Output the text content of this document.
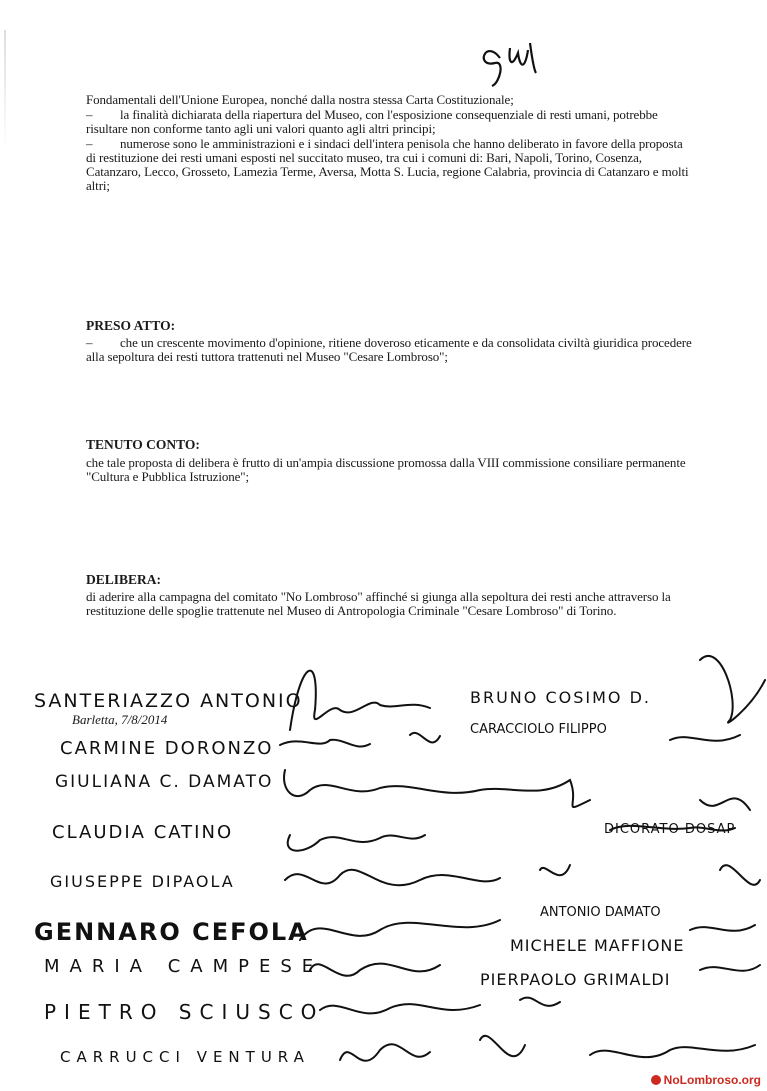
gM

Fondamentali dell'Unione Europea, nonché dalla nostra stessa Carta Costituzionale;

– la finalità dichiarata della riapertura del Museo, con l'esposizione consequenziale di resti umani, potrebbe risultare non conforme tanto agli uni valori quanto agli altri principi;

– numerose sono le amministrazioni e i sindaci dell'intera penisola che hanno deliberato in favore della proposta di restituzione dei resti umani esposti nel succitato museo, tra cui i comuni di: Bari, Napoli, Torino, Cosenza, Catanzaro, Lecco, Grosseto, Lamezia Terme, Aversa, Motta S. Lucia, regione Calabria, provincia di Catanzaro e molti altri;

PRESO ATTO:

– che un crescente movimento d'opinione, ritiene doveroso eticamente e da consolidata civiltà giuridica procedere alla sepoltura dei resti tuttora trattenuti nel Museo "Cesare Lombroso";

TENUTO CONTO:
che tale proposta di delibera è frutto di un'ampia discussione promossa dalla VIII commissione consiliare permanente "Cultura e Pubblica Istruzione";
DELIBERA:
di aderire alla campagna del comitato "No Lombroso" affinché si giunga alla sepoltura dei resti anche attraverso la restituzione delle spoglie trattenute nel Museo di Antropologia Criminale "Cesare Lombroso" di Torino.
Barletta, 7/8/2014
SANTERIAZZO ANTONIO
CARMINE DORONZO
GIULIANA C. DAMATO
CLAUDIA CATINO
GIUSEPPE DIPAOLA
GENNARO CEFOLA
MARIA CAMPESE
PIETRO SCIUSCO
CARRUCCI VENTURA
BRUNO COSIMO D.
CARACCIOLO FILIPPO
DICORATO DOSAP
ANTONIO DAMATO
MICHELE MAFFIONE
PIERPAOLO GRIMALDI
NoLombroso.org
